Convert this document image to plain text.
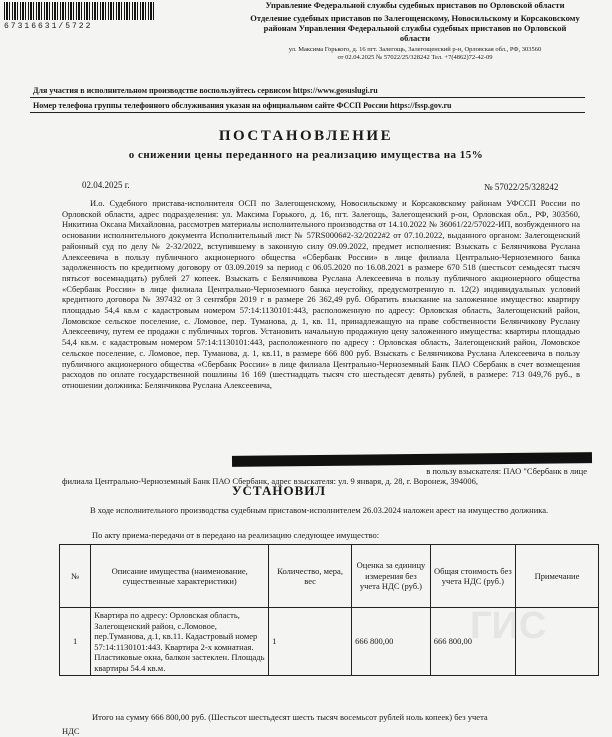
67316631/5722
Управление Федеральной службы судебных приставов по Орловской области
Отделение судебных приставов по Залегощенскому, Новосильскому и Корсаковскому районам Управления Федеральной службы судебных приставов по Орловской области
ул. Максима Горького, д. 16 пгт. Залегощь, Залегощенский р-н, Орловская обл., РФ, 303560
от 02.04.2025 № 57022/25/328242 Тел. +7(4862)72-42-09
Для участия в исполнительном производстве воспользуйтесь сервисом https://www.gosuslugi.ru
Номер телефона группы телефонного обслуживания указан на официальном сайте ФССП России https://fssp.gov.ru
ПОСТАНОВЛЕНИЕ
о снижении цены переданного на реализацию имущества на 15%
02.04.2025 г.	№ 57022/25/328242

И.о. Судебного пристава-исполнителя ОСП по Залегощенскому, Новосильскому и Корсаковскому районам УФССП России по Орловской области, адрес подразделения: ул. Максима Горького, д. 16, пгт. Залегощь, Залегощенский р-он, Орловская обл., РФ, 303560, Никитина Оксана Михайловна, рассмотрев материалы исполнительного производства от 14.10.2022 № 36061/22/57022-ИП, возбужденного на основании исполнительного документа Исполнительный лист № 57RS0006#2-32/2022#2 от 07.10.2022, выданного органом: Залегощенский районный суд по делу № 2-32/2022, вступившему в законную силу 09.09.2022, предмет исполнения: Взыскать с Белянчикова Руслана Алексеевича в пользу публичного акционерного общества «Сбербанк России» в лице филиала Центрально-Черноземного банка задолженность по кредитному договору от 03.09.2019 за период с 06.05.2020 по 16.08.2021 в размере 670 518 (шестьсот семьдесят тысяч пятьсот восемнадцать) рублей 27 копеек. Взыскать с Белянчикова Руслана Алексеевича в пользу публичного акционерного общества «Сбербанк России» в лице филиала Центрально-Черноземного банка неустойку, предусмотренную п. 12(2) индивидуальных условий кредитного договора № 397432 от 3 сентября 2019 г в размере 26 362,49 руб. Обратить взыскание на заложенное имущество: квартиру площадью 54,4 кв.м с кадастровым номером 57:14:1130101:443, расположенную по адресу: Орловская область, Залегощенский район, Ломовское сельское поселение, с. Ломовое, пер. Туманова, д. 1, кв. 11, принадлежащую на праве собственности Белянчикову Руслану Алексеевичу, путем ее продажи с публичных торгов. Установить начальную продажную цену заложенного имущества: квартиры площадью 54,4 кв.м. с кадастровым номером 57:14:1130101:443, расположенного по адресу : Орловская область, Залегощенский район, Ломовское сельское поселение, с. Ломовое, пер. Туманова, д. 1, кв.11, в размере 666 800 руб. Взыскать с Белянчикова Руслана Алексеевича в пользу публичного акционерного общества «Сбербанк России» в лице филиала Центрально-Черноземный Банк ПАО Сбербанк в счет возмещения расходов по оплате государственной пошлины 16 169 (шестнадцать тысяч сто шестьдесят девять) рублей, в размере: 713 049,76 руб., в отношении должника: Белянчикова Руслана Алексеевича,

в пользу взыскателя: ПАО "Сбербанк в лице
филиала Центрально-Черноземный Банк ПАО Сбербанк, адрес взыскателя: ул. 9 января, д. 28, г. Воронеж, 394006,
УСТАНОВИЛ
В ходе исполнительного производства судебным приставом-исполнителем 26.03.2024 наложен арест на имущество должника.
По акту приема-передачи от в переданo на реализацию следующее имущество:
№	Описание имущества (наименование, существенные характеристики)	Количество, мера, вес	Оценка за единицу измерения без учета НДС (руб.)	Общая стоимость без учета НДС (руб.)	Примечание
1	Квартира по адресу: Орловская область, Залегощенский район, с.Ломовое, пер.Туманова, д.1, кв.11. Кадастровый номер 57:14:1130101:443. Квартира 2-х комнатная. Пластиковые окна, балкон застеклен. Площадь квартиры 54.4 кв.м.	1	666 800,00	666 800,00	
ГИС
Итого на сумму 666 800,00 руб. (Шестьсот шестьдесят шесть тысяч восемьсот рублей ноль копеек) без учета
НДС
